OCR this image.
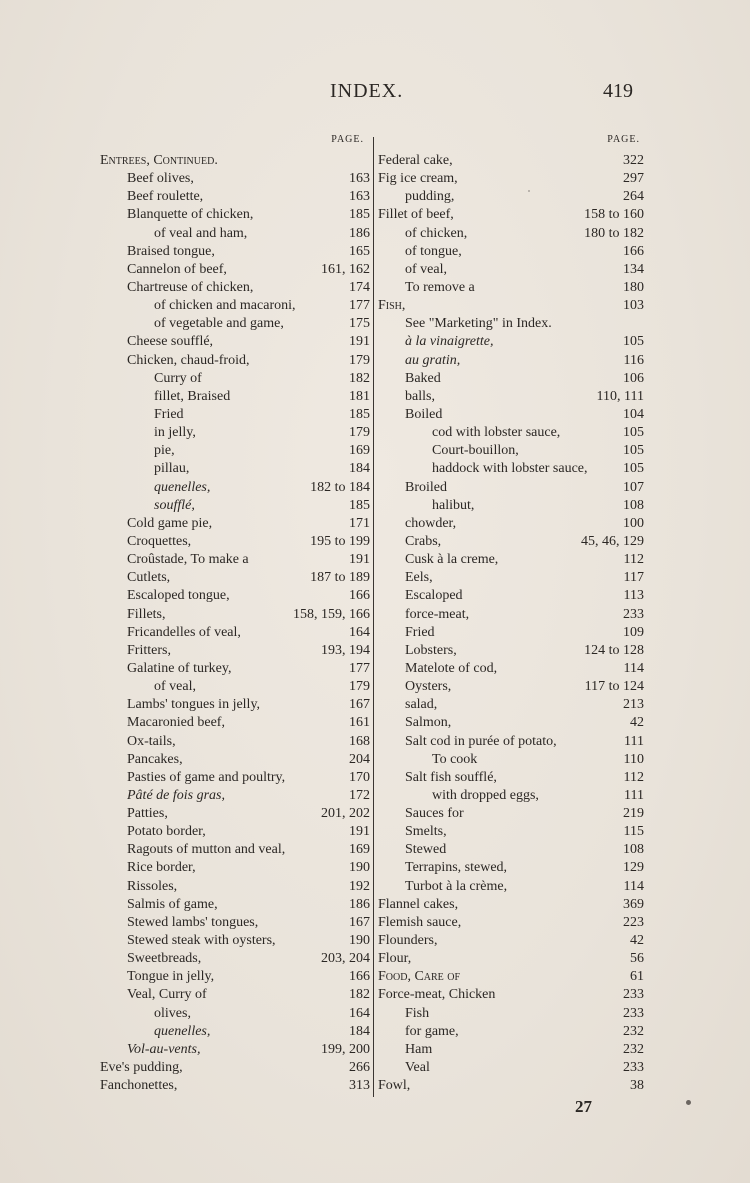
INDEX.	419
PAGE.
Entrees, Continued.
Beef olives,	163
Beef roulette,	163
Blanquette of chicken,	185
of veal and ham,	186
Braised tongue,	165
Cannelon of beef,	161, 162
Chartreuse of chicken,	174
of chicken and macaroni,	177
of vegetable and game,	175
Cheese soufflé,	191
Chicken, chaud-froid,	179
Curry of	182
fillet, Braised	181
Fried	185
in jelly,	179
pie,	169
pillau,	184
quenelles,	182 to 184
soufflé,	185
Cold game pie,	171
Croquettes,	195 to 199
Croûstade, To make a	191
Cutlets,	187 to 189
Escaloped tongue,	166
Fillets,	158, 159, 166
Fricandelles of veal,	164
Fritters,	193, 194
Galatine of turkey,	177
of veal,	179
Lambs' tongues in jelly,	167
Macaronied beef,	161
Ox-tails,	168
Pancakes,	204
Pasties of game and poultry,	170
Pâté de fois gras,	172
Patties,	201, 202
Potato border,	191
Ragouts of mutton and veal,	169
Rice border,	190
Rissoles,	192
Salmis of game,	186
Stewed lambs' tongues,	167
Stewed steak with oysters,	190
Sweetbreads,	203, 204
Tongue in jelly,	166
Veal, Curry of	182
olives,	164
quenelles,	184
Vol-au-vents,	199, 200
Eve's pudding,	266
Fanchonettes,	313
PAGE.
Federal cake,	322
Fig ice cream,	297
pudding,	264
Fillet of beef,	158 to 160
of chicken,	180 to 182
of tongue,	166
of veal,	134
To remove a	180
Fish,	103
See "Marketing" in Index.
à la vinaigrette,	105
au gratin,	116
Baked	106
balls,	110, 111
Boiled	104
cod with lobster sauce,	105
Court-bouillon,	105
haddock with lobster sauce,	105
Broiled	107
halibut,	108
chowder,	100
Crabs,	45, 46, 129
Cusk à la creme,	112
Eels,	117
Escaloped	113
force-meat,	233
Fried	109
Lobsters,	124 to 128
Matelote of cod,	114
Oysters,	117 to 124
salad,	213
Salmon,	42
Salt cod in purée of potato,	111
To cook	110
Salt fish soufflé,	112
with dropped eggs,	111
Sauces for	219
Smelts,	115
Stewed	108
Terrapins, stewed,	129
Turbot à la crème,	114
Flannel cakes,	369
Flemish sauce,	223
Flounders,	42
Flour,	56
Food, Care of	61
Force-meat, Chicken	233
Fish	233
for game,	232
Ham	232
Veal	233
Fowl,	38
27
